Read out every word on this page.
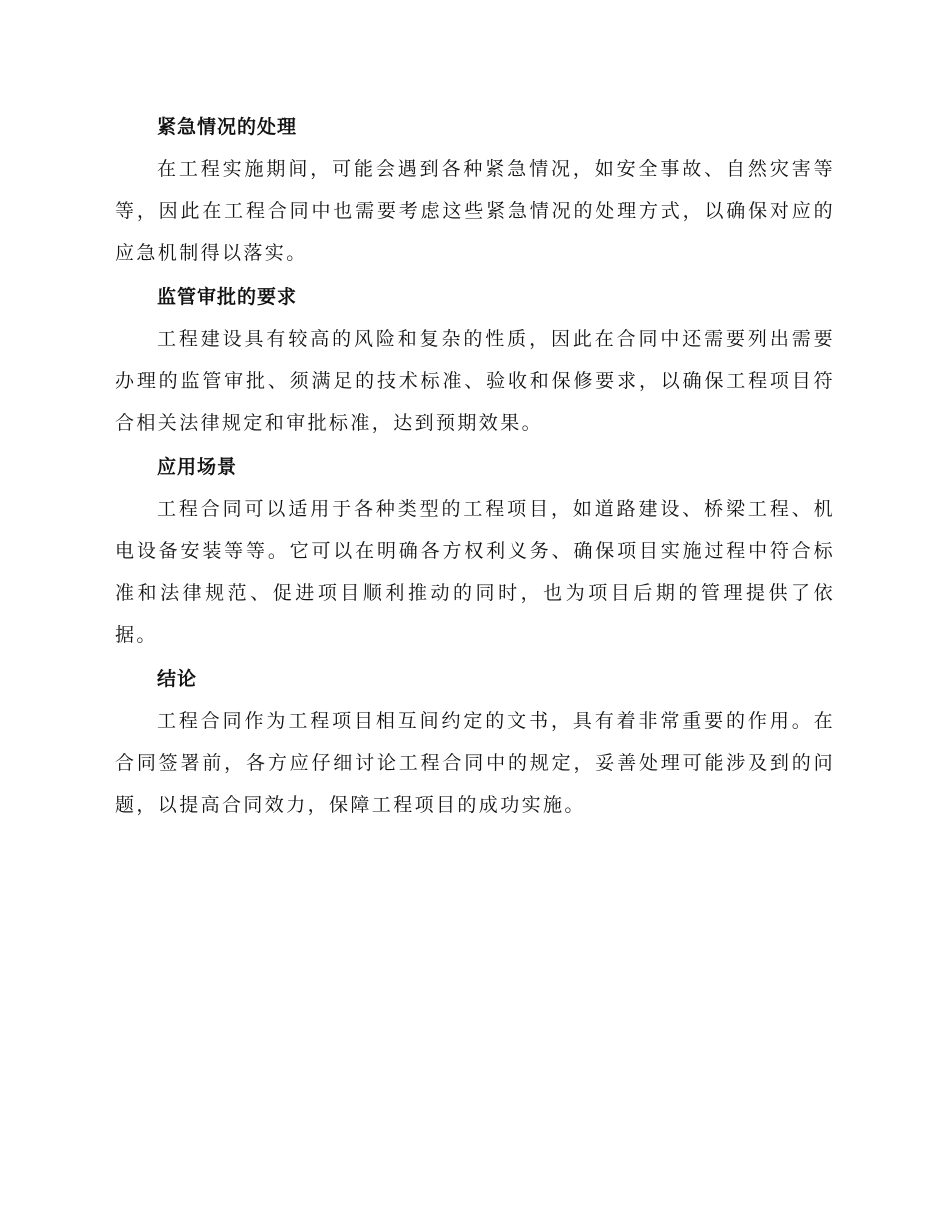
紧急情况的处理

在工程实施期间，可能会遇到各种紧急情况，如安全事故、自然灾害等等，因此在工程合同中也需要考虑这些紧急情况的处理方式，以确保对应的应急机制得以落实。

监管审批的要求

工程建设具有较高的风险和复杂的性质，因此在合同中还需要列出需要办理的监管审批、须满足的技术标准、验收和保修要求，以确保工程项目符合相关法律规定和审批标准，达到预期效果。

应用场景

工程合同可以适用于各种类型的工程项目，如道路建设、桥梁工程、机电设备安装等等。它可以在明确各方权利义务、确保项目实施过程中符合标准和法律规范、促进项目顺利推动的同时，也为项目后期的管理提供了依据。

结论

工程合同作为工程项目相互间约定的文书，具有着非常重要的作用。在合同签署前，各方应仔细讨论工程合同中的规定，妥善处理可能涉及到的问题，以提高合同效力，保障工程项目的成功实施。
